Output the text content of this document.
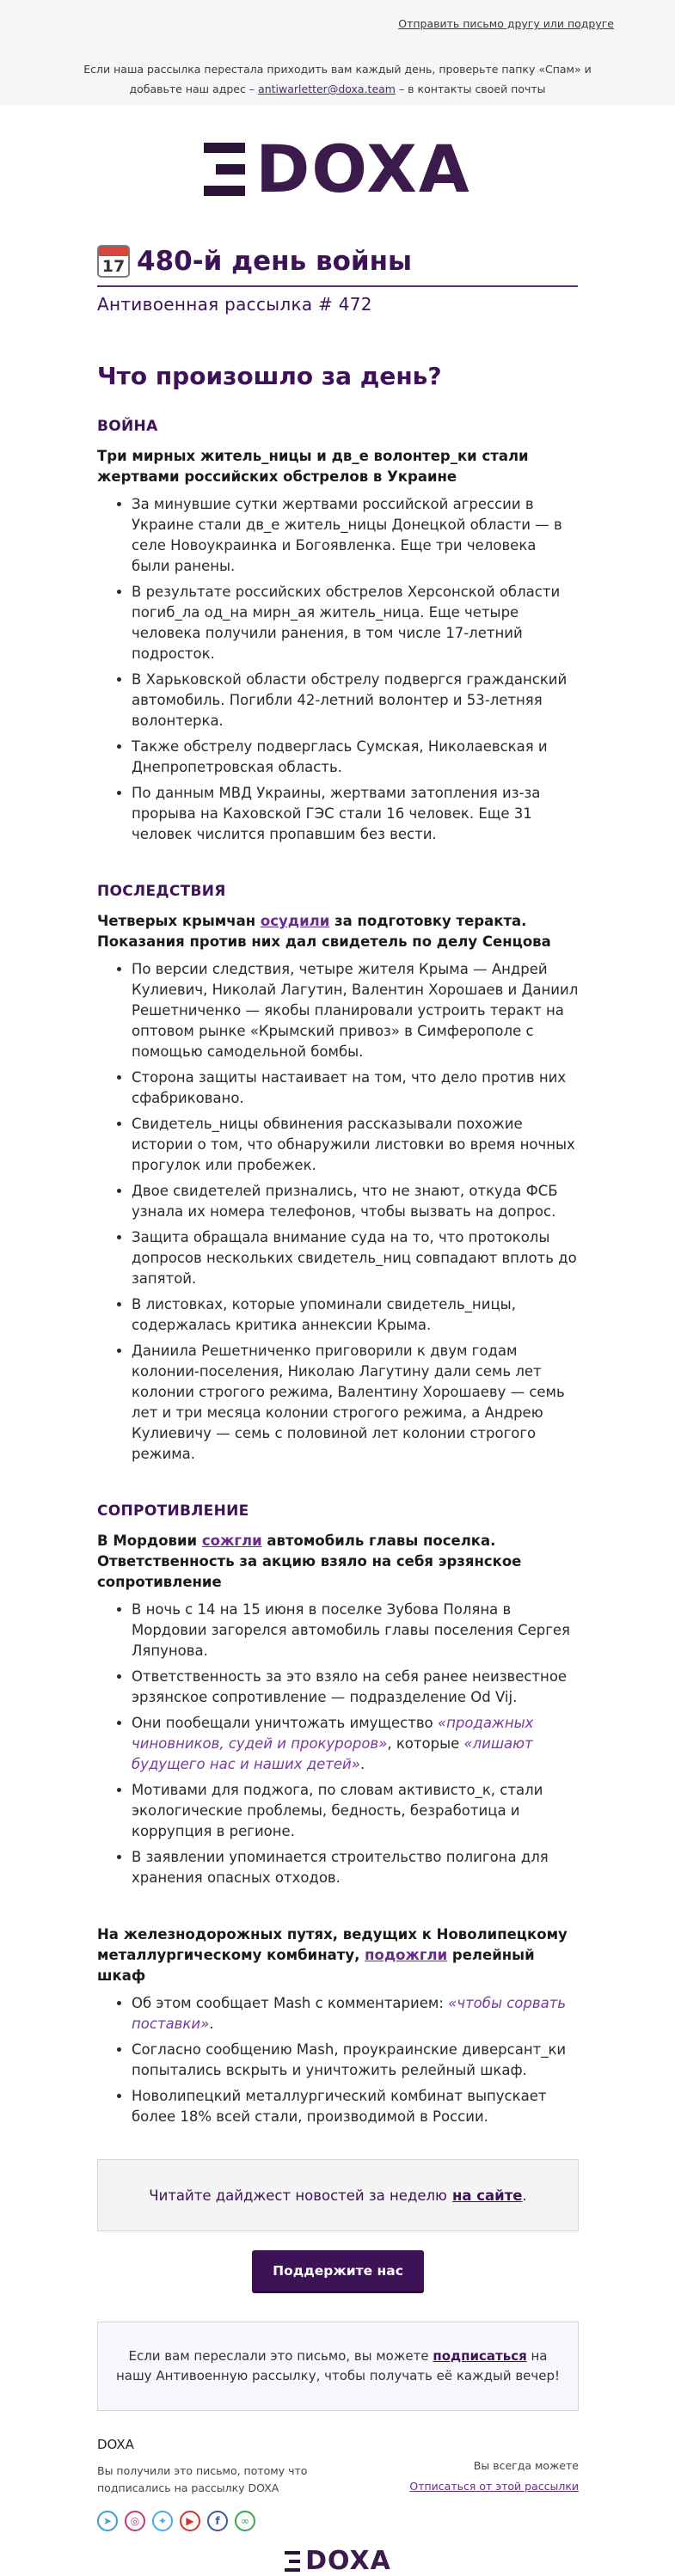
Отправить письмо другу или подруге

Если наша рассылка перестала приходить вам каждый день, проверьте папку «Спам» и
добавьте наш адрес – antiwarletter@doxa.team – в контакты своей почты

DOXA
17 480-й день войны
Антивоенная рассылка # 472
Что произошло за день?
ВОЙНА

Три мирных житель_ницы и дв_е волонтер_ки стали жертвами российских обстрелов в Украине

• За минувшие сутки жертвами российской агрессии в Украине стали дв_е житель_ницы Донецкой области — в селе Новоукраинка и Богоявленка. Еще три человека были ранены.
• В результате российских обстрелов Херсонской области погиб_ла од_на мирн_ая житель_ница. Еще четыре человека получили ранения, в том числе 17-летний подросток.
• В Харьковской области обстрелу подвергся гражданский автомобиль. Погибли 42-летний волонтер и 53-летняя волонтерка.
• Также обстрелу подверглась Сумская, Николаевская и Днепропетровская область.
• По данным МВД Украины, жертвами затопления из-за прорыва на Каховской ГЭС стали 16 человек. Еще 31 человек числится пропавшим без вести.
ПОСЛЕДСТВИЯ

Четверых крымчан осудили за подготовку теракта. Показания против них дал свидетель по делу Сенцова

• По версии следствия, четыре жителя Крыма — Андрей Кулиевич, Николай Лагутин, Валентин Хорошаев и Даниил Решетниченко — якобы планировали устроить теракт на оптовом рынке «Крымский привоз» в Симферополе с помощью самодельной бомбы.
• Сторона защиты настаивает на том, что дело против них сфабриковано.
• Свидетель_ницы обвинения рассказывали похожие истории о том, что обнаружили листовки во время ночных прогулок или пробежек.
• Двое свидетелей признались, что не знают, откуда ФСБ узнала их номера телефонов, чтобы вызвать на допрос.
• Защита обращала внимание суда на то, что протоколы допросов нескольких свидетель_ниц совпадают вплоть до запятой.
• В листовках, которые упоминали свидетель_ницы, содержалась критика аннексии Крыма.
• Даниила Решетниченко приговорили к двум годам колонии-поселения, Николаю Лагутину дали семь лет колонии строгого режима, Валентину Хорошаеву — семь лет и три месяца колонии строгого режима, а Андрею Кулиевичу — семь с половиной лет колонии строгого режима.
СОПРОТИВЛЕНИЕ

В Мордовии сожгли автомобиль главы поселка. Ответственность за акцию взяло на себя эрзянское сопротивление

• В ночь с 14 на 15 июня в поселке Зубова Поляна в Мордовии загорелся автомобиль главы поселения Сергея Ляпунова.
• Ответственность за это взяло на себя ранее неизвестное эрзянское сопротивление — подразделение Od Vij.
• Они пообещали уничтожать имущество «продажных чиновников, судей и прокуроров», которые «лишают будущего нас и наших детей».
• Мотивами для поджога, по словам активисто_к, стали экологические проблемы, бедность, безработица и коррупция в регионе.
• В заявлении упоминается строительство полигона для хранения опасных отходов.

На железнодорожных путях, ведущих к Новолипецкому металлургическому комбинату, подожгли релейный шкаф

• Об этом сообщает Mash с комментарием: «чтобы сорвать поставки».
• Согласно сообщению Mash, проукраинские диверсант_ки попытались вскрыть и уничтожить релейный шкаф.
• Новолипецкий металлургический комбинат выпускает более 18% всей стали, производимой в России.
Читайте дайджест новостей за неделю на сайте .
Поддержите нас

Если вам переслали это письмо, вы можете подписаться на
нашу Антивоенную рассылку, чтобы получать её каждый вечер!

DOXA
Вы получили это письмо, потому что
подписались на рассылку DOXA
Вы всегда можете
Отписаться от этой рассылки
➤	◎	✦	▶	f	∞
DOXA
